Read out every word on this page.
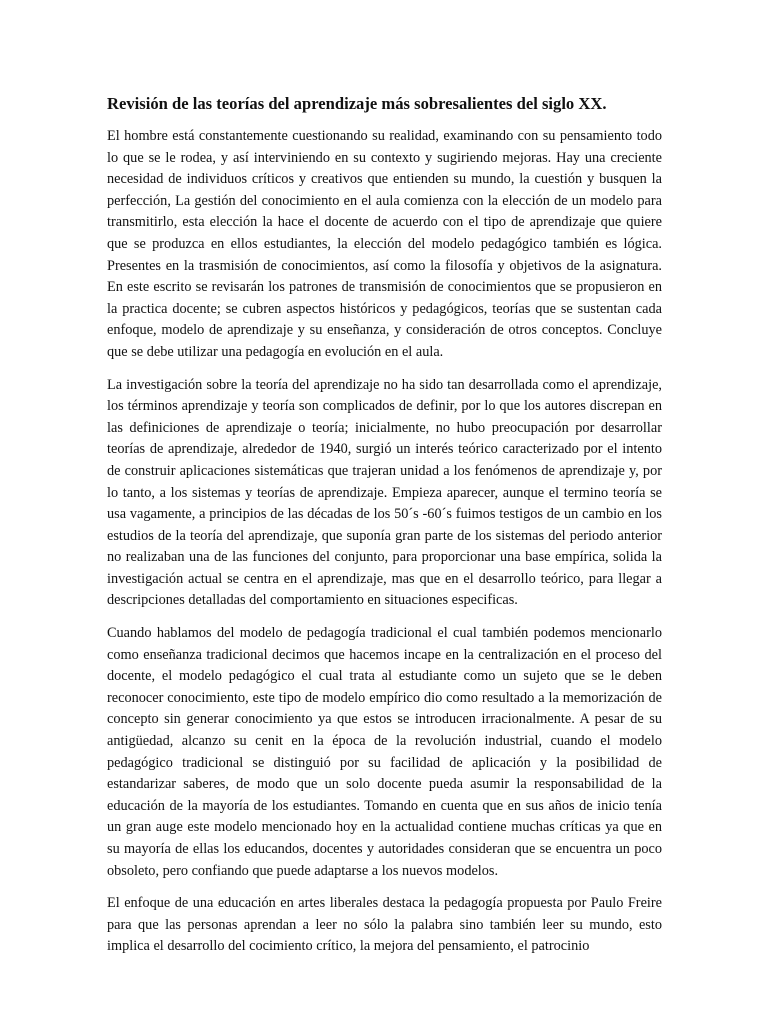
Revisión de las teorías del aprendizaje más sobresalientes del siglo XX.

El hombre está constantemente cuestionando su realidad, examinando con su pensamiento todo lo que se le rodea, y así interviniendo en su contexto y sugiriendo mejoras. Hay una creciente necesidad de individuos críticos y creativos que entienden su mundo, la cuestión y busquen la perfección, La gestión del conocimiento en el aula comienza con la elección de un modelo para transmitirlo, esta elección la hace el docente de acuerdo con el tipo de aprendizaje que quiere que se produzca en ellos estudiantes, la elección del modelo pedagógico también es lógica. Presentes en la trasmisión de conocimientos, así como la filosofía y objetivos de la asignatura. En este escrito se revisarán los patrones de transmisión de conocimientos que se propusieron en la practica docente; se cubren aspectos históricos y pedagógicos, teorías que se sustentan cada enfoque, modelo de aprendizaje y su enseñanza, y consideración de otros conceptos. Concluye que se debe utilizar una pedagogía en evolución en el aula.

La investigación sobre la teoría del aprendizaje no ha sido tan desarrollada como el aprendizaje, los términos aprendizaje y teoría son complicados de definir, por lo que los autores discrepan en las definiciones de aprendizaje o teoría; inicialmente, no hubo preocupación por desarrollar teorías de aprendizaje, alrededor de 1940, surgió un interés teórico caracterizado por el intento de construir aplicaciones sistemáticas que trajeran unidad a los fenómenos de aprendizaje y, por lo tanto, a los sistemas y teorías de aprendizaje. Empieza aparecer, aunque el termino teoría se usa vagamente, a principios de las décadas de los 50´s -60´s fuimos testigos de un cambio en los estudios de la teoría del aprendizaje, que suponía gran parte de los sistemas del periodo anterior no realizaban una de las funciones del conjunto, para proporcionar una base empírica, solida la investigación actual se centra en el aprendizaje, mas que en el desarrollo teórico, para llegar a descripciones detalladas del comportamiento en situaciones especificas.

Cuando hablamos del modelo de pedagogía tradicional el cual también podemos mencionarlo como enseñanza tradicional decimos que hacemos incape en la centralización en el proceso del docente, el modelo pedagógico el cual trata al estudiante como un sujeto que se le deben reconocer conocimiento, este tipo de modelo empírico dio como resultado a la memorización de concepto sin generar conocimiento ya que estos se introducen irracionalmente. A pesar de su antigüedad, alcanzo su cenit en la época de la revolución industrial, cuando el modelo pedagógico tradicional se distinguió por su facilidad de aplicación y la posibilidad de estandarizar saberes, de modo que un solo docente pueda asumir la responsabilidad de la educación de la mayoría de los estudiantes. Tomando en cuenta que en sus años de inicio tenía un gran auge este modelo mencionado hoy en la actualidad contiene muchas críticas ya que en su mayoría de ellas los educandos, docentes y autoridades consideran que se encuentra un poco obsoleto, pero confiando que puede adaptarse a los nuevos modelos.

El enfoque de una educación en artes liberales destaca la pedagogía propuesta por Paulo Freire para que las personas aprendan a leer no sólo la palabra sino también leer su mundo, esto implica el desarrollo del cocimiento crítico, la mejora del pensamiento, el patrocinio
